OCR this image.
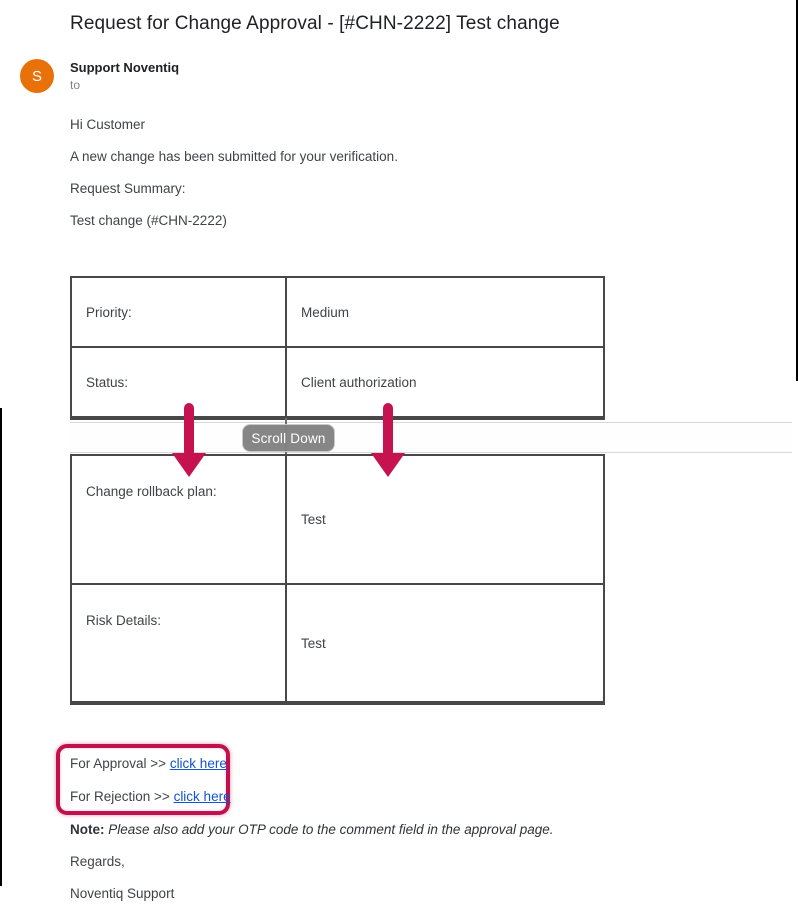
Request for Change Approval - [#CHN-2222] Test change
S Support Noventiq
to
Hi Customer
A new change has been submitted for your verification.
Request Summary:
Test change (#CHN-2222)
Priority:	Medium
Status:	Client authorization
Change rollback plan:
Test
Risk Details:
Test
Scroll Down
For Approval >> click here
For Rejection >> click here
Note: Please also add your OTP code to the comment field in the approval page.
Regards,
Noventiq Support
